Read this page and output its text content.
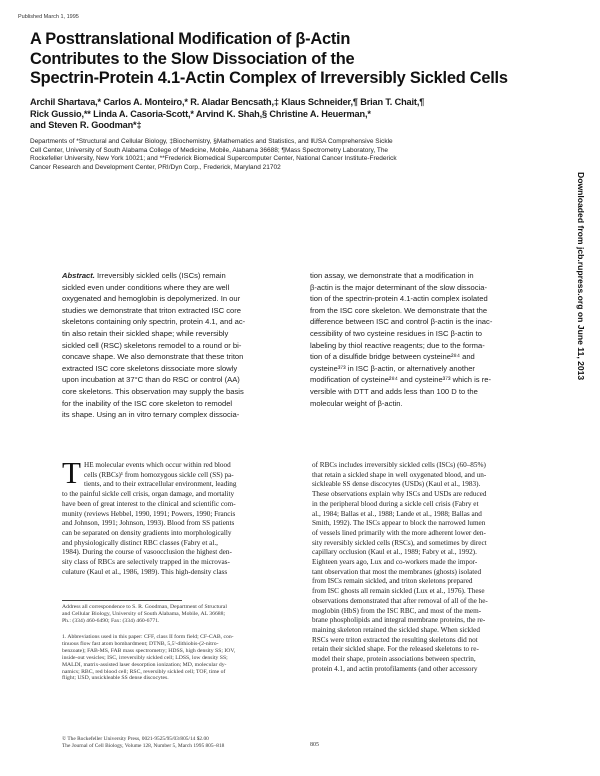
Published March 1, 1995
A Posttranslational Modification of β-Actin
Contributes to the Slow Dissociation of the
Spectrin-Protein 4.1-Actin Complex of Irreversibly Sickled Cells
Archil Shartava,* Carlos A. Monteiro,* R. Aladar Bencsath,‡ Klaus Schneider,¶ Brian T. Chait,¶
Rick Gussio,** Linda A. Casoria-Scott,* Arvind K. Shah,§ Christine A. Heuerman,*
and Steven R. Goodman*‡
Departments of *Structural and Cellular Biology, ‡Biochemistry, §Mathematics and Statistics, and ‖USA Comprehensive Sickle
Cell Center, University of South Alabama College of Medicine, Mobile, Alabama 36688; ¶Mass Spectrometry Laboratory, The
Rockefeller University, New York 10021; and **Frederick Biomedical Supercomputer Center, National Cancer Institute-Frederick
Cancer Research and Development Center, PRI/Dyn Corp., Frederick, Maryland 21702
Abstract. Irreversibly sickled cells (ISCs) remain
sickled even under conditions where they are well
oxygenated and hemoglobin is depolymerized. In our
studies we demonstrate that triton extracted ISC core
skeletons containing only spectrin, protein 4.1, and ac-
tin also retain their sickled shape; while reversibly
sickled cell (RSC) skeletons remodel to a round or bi-
concave shape. We also demonstrate that these triton
extracted ISC core skeletons dissociate more slowly
upon incubation at 37°C than do RSC or control (AA)
core skeletons. This observation may supply the basis
for the inability of the ISC core skeleton to remodel
its shape. Using an in vitro ternary complex dissocia-
tion assay, we demonstrate that a modification in
β-actin is the major determinant of the slow dissocia-
tion of the spectrin-protein 4.1-actin complex isolated
from the ISC core skeleton. We demonstrate that the
difference between ISC and control β-actin is the inac-
cessibility of two cysteine residues in ISC β-actin to
labeling by thiol reactive reagents; due to the forma-
tion of a disulfide bridge between cysteine²⁸⁴ and
cysteine³⁷³ in ISC β-actin, or alternatively another
modification of cysteine²⁸⁴ and cysteine³⁷³ which is re-
versible with DTT and adds less than 100 D to the
molecular weight of β-actin.
T HE molecular events which occur within red blood
cells (RBCs)¹ from homozygous sickle cell (SS) pa-
tients, and to their extracellular environment, leading
to the painful sickle cell crisis, organ damage, and mortality
have been of great interest to the clinical and scientific com-
munity (reviews Hebbel, 1990, 1991; Powers, 1990; Francis
and Johnson, 1991; Johnson, 1993). Blood from SS patients
can be separated on density gradients into morphologically
and physiologically distinct RBC classes (Fabry et al.,
1984). During the course of vasoocclusion the highest den-
sity class of RBCs are selectively trapped in the microvas-
culature (Kaul et al., 1986, 1989). This high-density class
of RBCs includes irreversibly sickled cells (ISCs) (60–85%)
that retain a sickled shape in well oxygenated blood, and un-
sickleable SS dense discocytes (USDs) (Kaul et al., 1983).
These observations explain why ISCs and USDs are reduced
in the peripheral blood during a sickle cell crisis (Fabry et
al., 1984; Ballas et al., 1988; Lande et al., 1988; Ballas and
Smith, 1992). The ISCs appear to block the narrowed lumen
of vessels lined primarily with the more adherent lower den-
sity reversibly sickled cells (RSCs), and sometimes by direct
capillary occlusion (Kaul et al., 1989; Fabry et al., 1992).
Eighteen years ago, Lux and co-workers made the impor-
tant observation that most the membranes (ghosts) isolated
from ISCs remain sickled, and triton skeletons prepared
from ISC ghosts all remain sickled (Lux et al., 1976). These
observations demonstrated that after removal of all of the he-
moglobin (HbS) from the ISC RBC, and most of the mem-
brane phospholipids and integral membrane proteins, the re-
maining skeleton retained the sickled shape. When sickled
RSCs were triton extracted the resulting skeletons did not
retain their sickled shape. For the released skeletons to re-
model their shape, protein associations between spectrin,
protein 4.1, and actin protofilaments (and other accessory
Address all correspondence to S. R. Goodman, Department of Structural
and Cellular Biology, University of South Alabama, Mobile, AL 36688;
Ph.: (334) 460-6490; Fax: (334) 460-6771.
1. Abbreviations used in this paper: CFF, class II form field; CF-CAB, con-
tinuous flow fast atom bombardment; DTNB, 5,5'-dithiobis-(2-nitro-
benzoate); FAB-MS, FAB mass spectrometry; HDSS, high density SS; IOV,
inside-out vesicles; ISC, irreversibly sickled cell; LDSS, low density SS;
MALDI, matrix-assisted laser desorption ionization; MD, molecular dy-
namics; RBC, red blood cell; RSC, reversibly sickled cell; TOF, time of
flight; USD, unsickleable SS dense discocytes.
© The Rockefeller University Press, 0021-9525/95/03/805/14 $2.00
The Journal of Cell Biology, Volume 128, Number 5, March 1995 805–818	805
Downloaded from jcb.rupress.org on June 11, 2013
